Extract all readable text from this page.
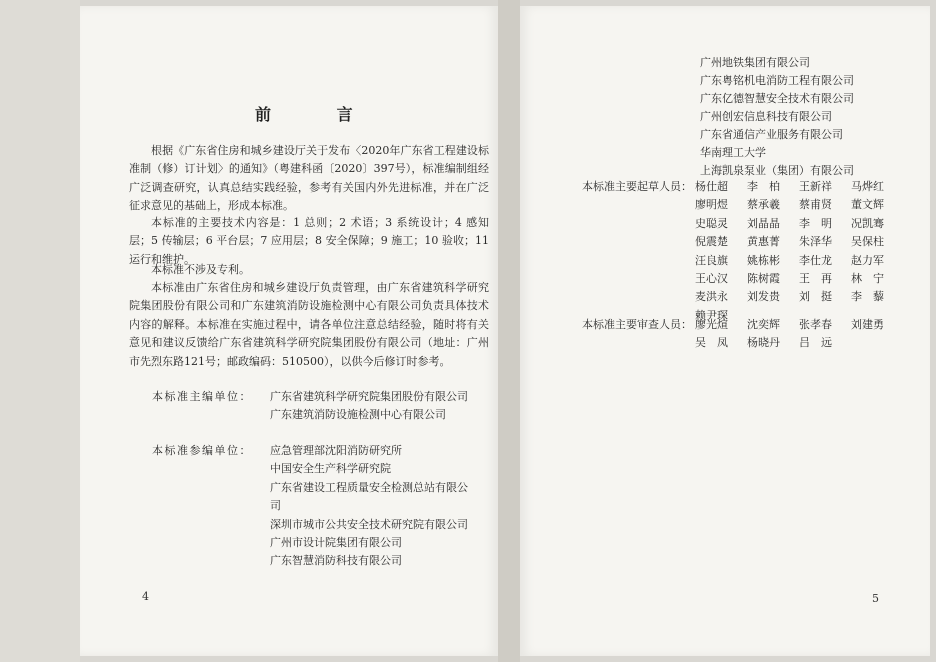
前 言

根据《广东省住房和城乡建设厅关于发布〈2020年广东省工程建设标准制（修）订计划〉的通知》（粤建科函〔2020〕397号），标准编制组经广泛调查研究，认真总结实践经验，参考有关国内外先进标准，并在广泛征求意见的基础上，形成本标准。

本标准的主要技术内容是：1 总则；2 术语；3 系统设计；4 感知层；5 传输层；6 平台层；7 应用层；8 安全保障；9 施工；10 验收；11 运行和维护。

本标准不涉及专利。

本标准由广东省住房和城乡建设厅负责管理，由广东省建筑科学研究院集团股份有限公司和广东建筑消防设施检测中心有限公司负责具体技术内容的解释。本标准在实施过程中，请各单位注意总结经验，随时将有关意见和建议反馈给广东省建筑科学研究院集团股份有限公司（地址：广州市先烈东路121号；邮政编码：510500），以供今后修订时参考。

本标准主编单位：	广东省建筑科学研究院集团股份有限公司
广东建筑消防设施检测中心有限公司
本标准参编单位：	应急管理部沈阳消防研究所
中国安全生产科学研究院
广东省建设工程质量安全检测总站有限公司
深圳市城市公共安全技术研究院有限公司
广州市设计院集团有限公司
广东智慧消防科技有限公司
4
广州地铁集团有限公司
广东粤铭机电消防工程有限公司
广东亿德智慧安全技术有限公司
广州创宏信息科技有限公司
广东省通信产业服务有限公司
华南理工大学
上海凯泉泵业（集团）有限公司
本标准主要起草人员： 杨仕超	李　柏	王新祥	马烨红
廖明煜	蔡承羲	蔡甫贤	董文辉
史聪灵	刘晶晶	李　明	况凯骞
倪震楚	黄惠菁	朱泽华	吴保柱
汪良旗	姚栋彬	李仕龙	赵力军
王心汉	陈树霞	王　再	林　宁
麦洪永	刘发贵	刘　挺	李　藜
赖尹琛
本标准主要审查人员： 廖光煊	沈奕辉	张孝春	刘建勇
吴　凤	杨晓丹	吕　远
5
